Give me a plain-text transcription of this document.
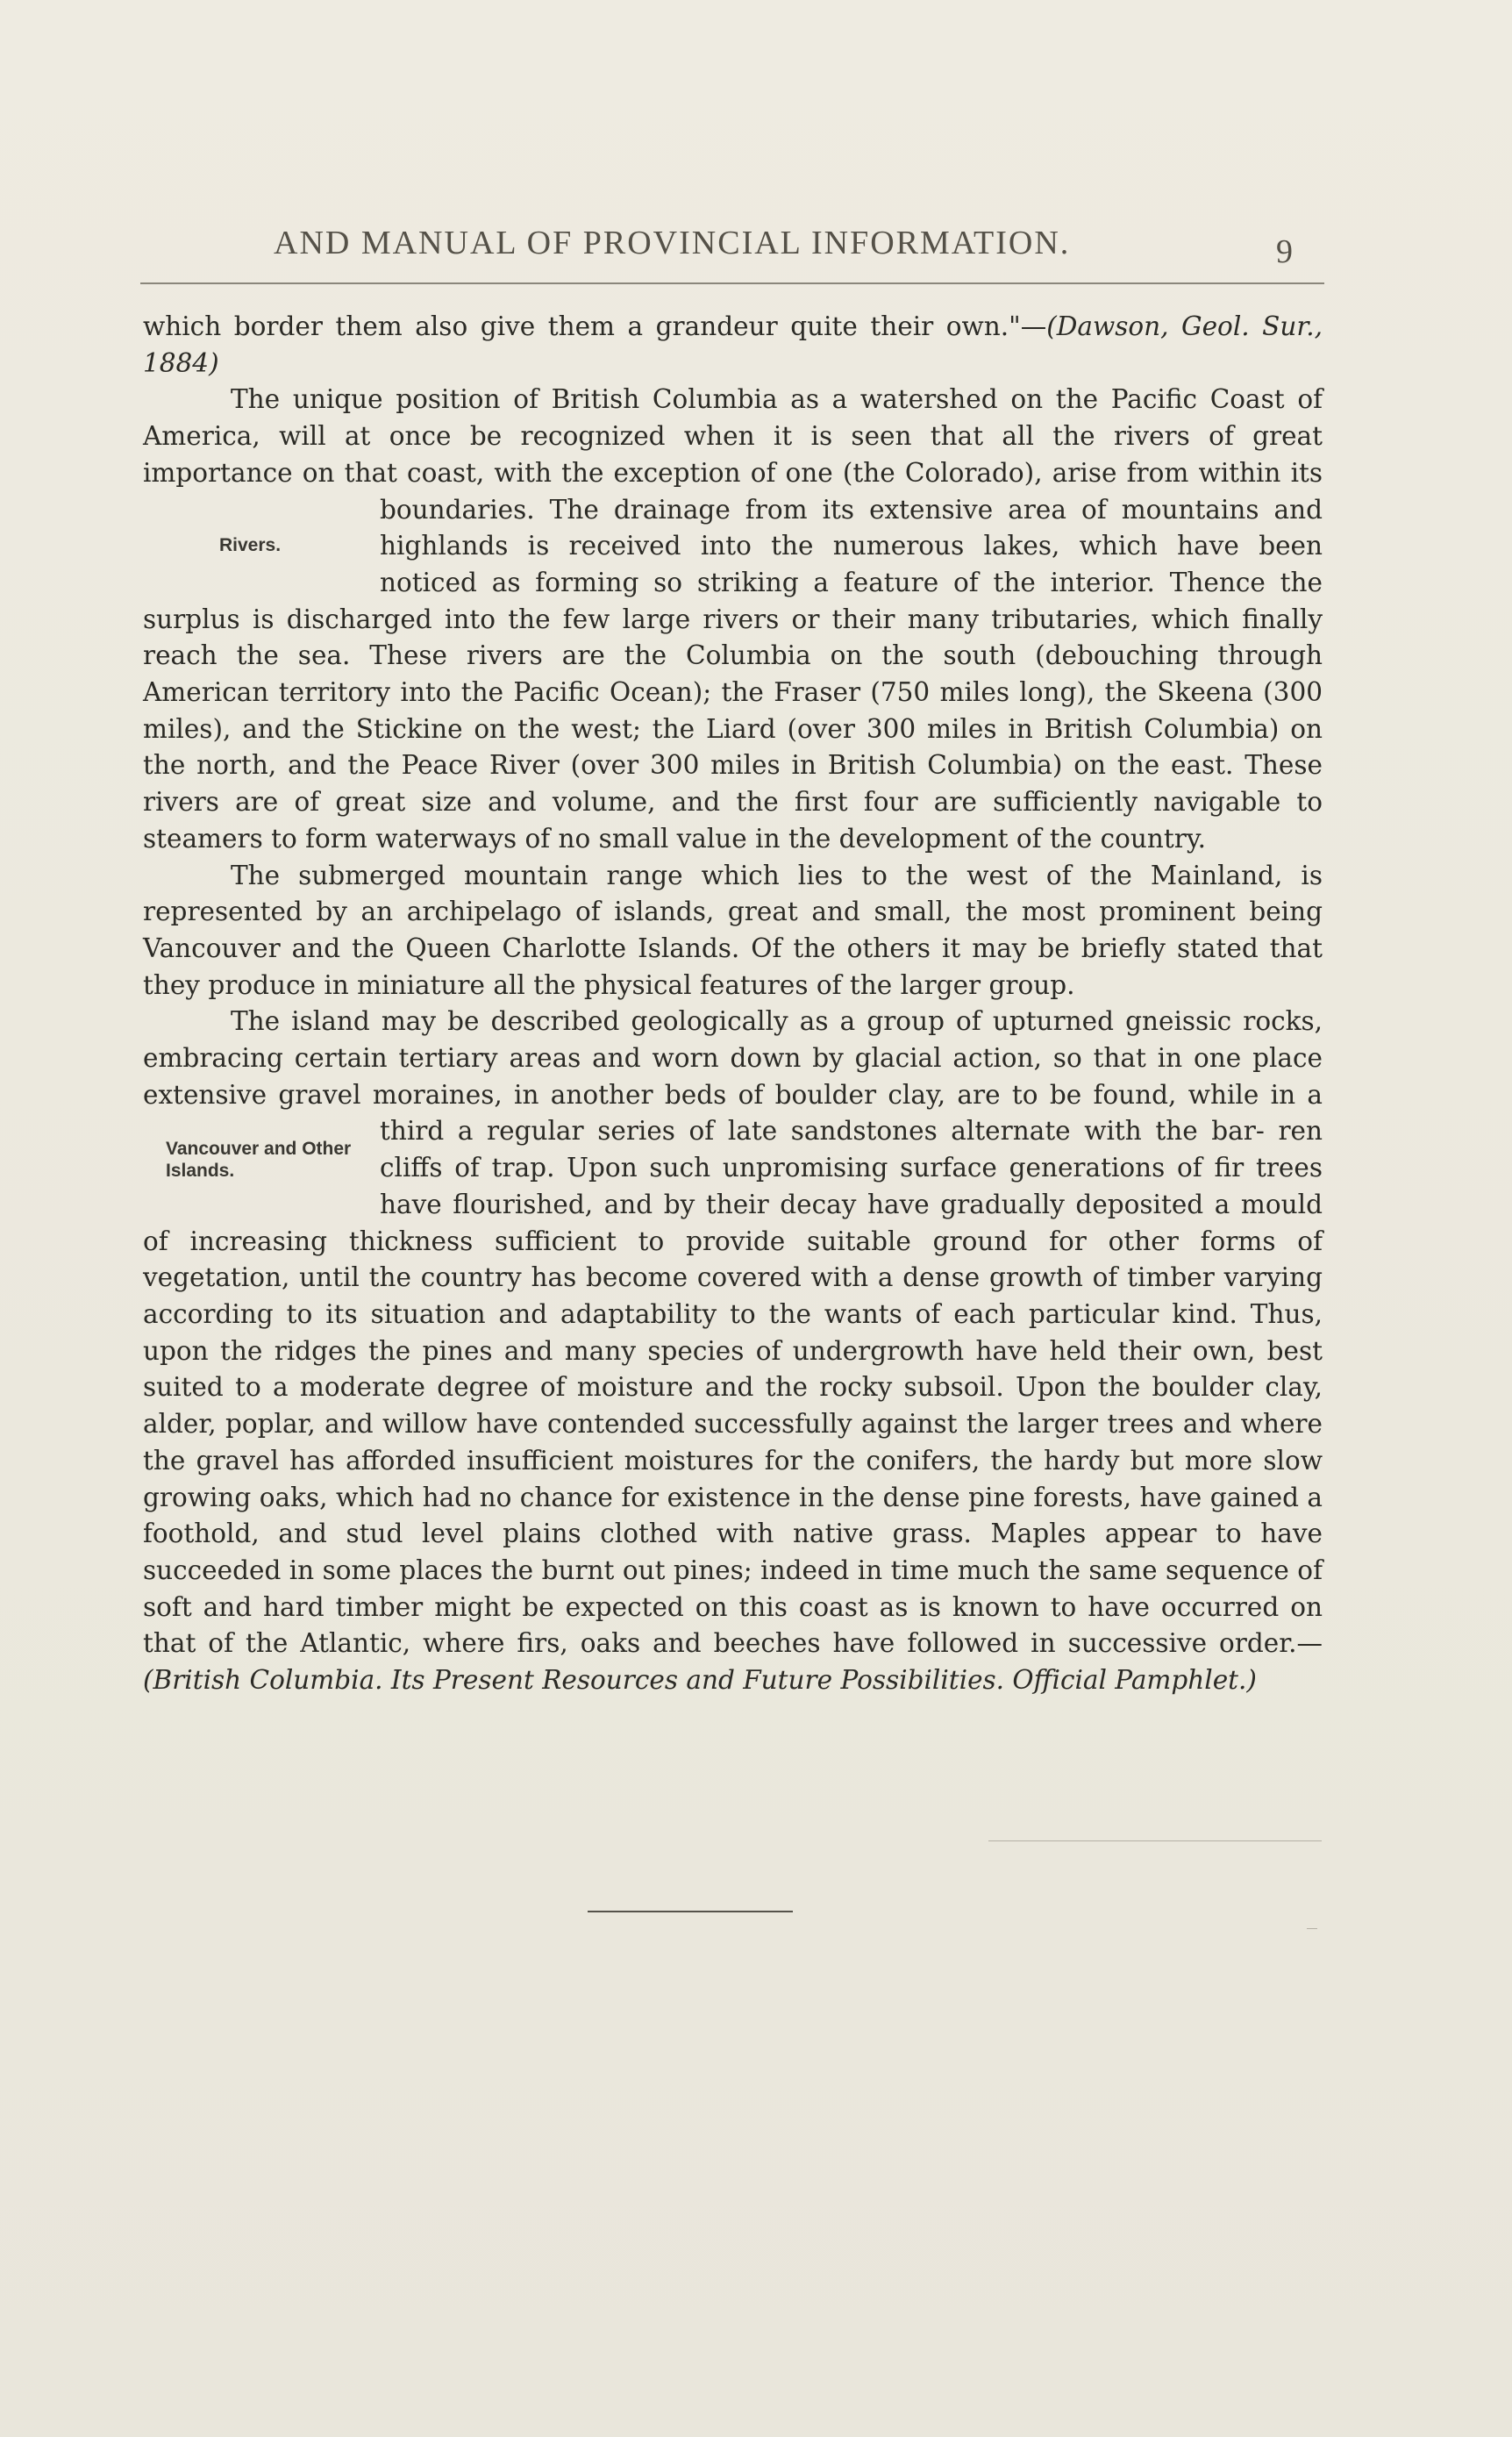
AND MANUAL OF PROVINCIAL INFORMATION.	9

which border them also give them a grandeur quite their own."—(Dawson, Geol. Sur., 1884)

The unique position of British Columbia as a watershed on the Pacific Coast of America, will at once be recognized when it is seen that all the rivers of great importance on that coast, with the exception of one (the Colorado), arise from within its boundaries. The drainage from its extensive area of mountains
Rivers.
and highlands is received into the numerous lakes, which have been noticed as forming so striking a feature of the interior. Thence the surplus is discharged into the few large rivers or their many tributaries, which finally reach the sea. These rivers are the Columbia on the south (debouching through American territory into the Pacific Ocean); the Fraser (750 miles long), the Skeena (300 miles), and the Stickine on the west; the Liard (over 300 miles in British Columbia) on the north, and the Peace River (over 300 miles in British Columbia) on the east. These rivers are of great size and volume, and the first four are sufficiently navigable to steamers to form waterways of no small value in the development of the country.

The submerged mountain range which lies to the west of the Mainland, is represented by an archipelago of islands, great and small, the most prominent being Vancouver and the Queen Charlotte Islands. Of the others it may be briefly stated that they produce in miniature all the physical features of the larger group.

The island may be described geologically as a group of upturned gneissic rocks, embracing certain tertiary areas and worn down by glacial action, so that in one place extensive gravel moraines, in another beds of boulder clay, are to be found, while in a third a regular series of late sandstones alternate with the bar-
Vancouver and Other Islands.
ren cliffs of trap. Upon such unpromising surface generations of fir trees have flourished, and by their decay have gradually deposited a mould of increasing thickness sufficient to provide suitable ground for other forms of vegetation, until the country has become covered with a dense growth of timber varying according to its situation and adaptability to the wants of each particular kind. Thus, upon the ridges the pines and many species of undergrowth have held their own, best suited to a moderate degree of moisture and the rocky subsoil. Upon the boulder clay, alder, poplar, and willow have contended successfully against the larger trees and where the gravel has afforded insufficient moistures for the conifers, the hardy but more slow growing oaks, which had no chance for existence in the dense pine forests, have gained a foothold, and stud level plains clothed with native grass. Maples appear to have succeeded in some places the burnt out pines; indeed in time much the same sequence of soft and hard timber might be expected on this coast as is known to have occurred on that of the Atlantic, where firs, oaks and beeches have followed in successive order.—(British Columbia. Its Present Resources and Future Possibilities. Official Pamphlet.)
